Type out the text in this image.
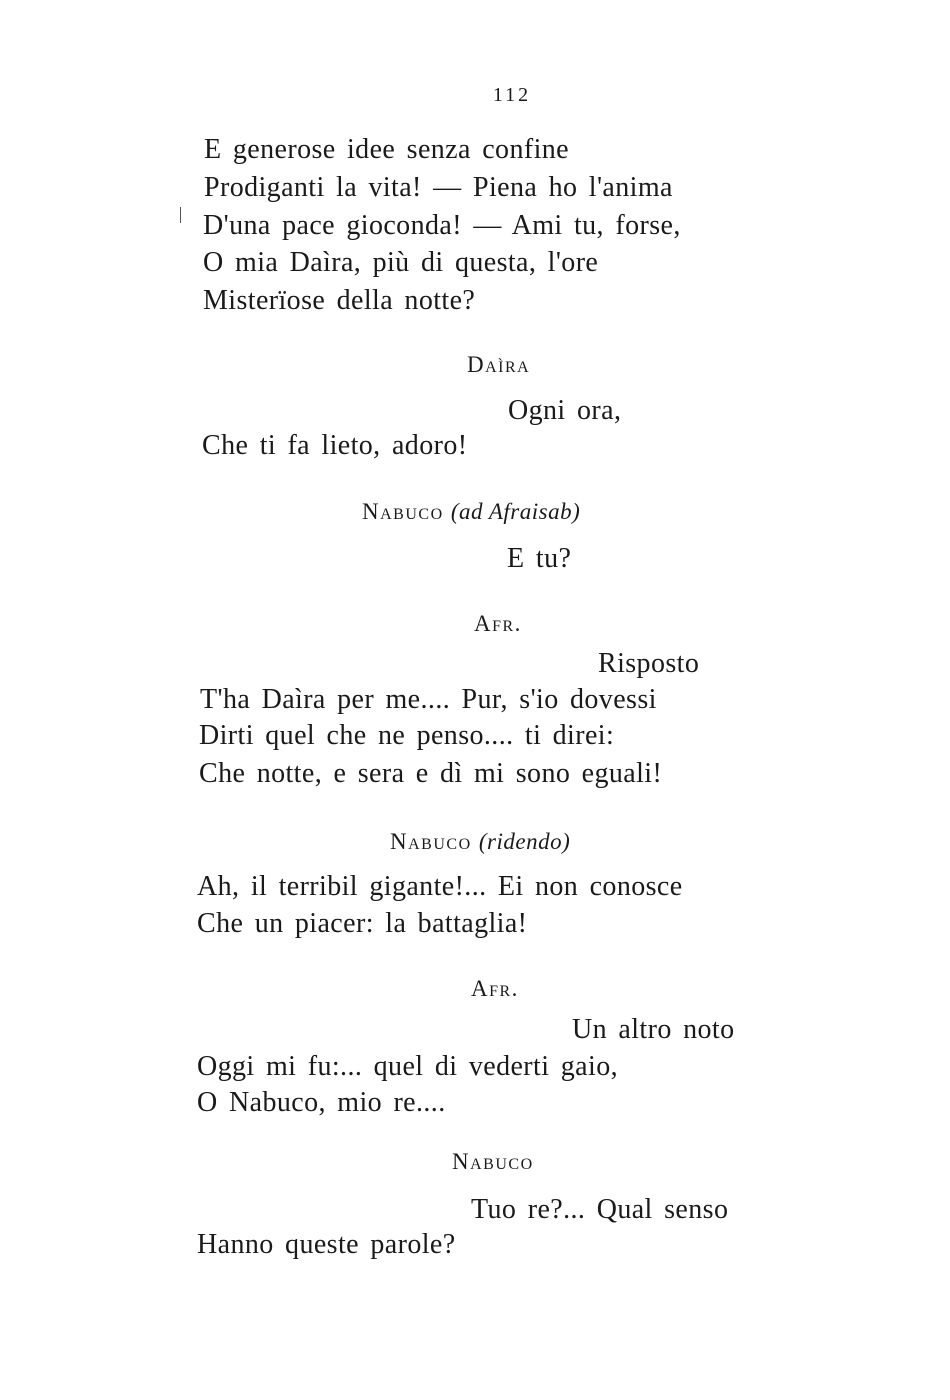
112
E generose idee senza confine
Prodiganti la vita! — Piena ho l'anima
D'una pace gioconda! — Ami tu, forse,
O mia Daìra, più di questa, l'ore
Misterïose della notte?
Daìra
Ogni ora,
Che ti fa lieto, adoro!
Nabuco (ad Afraisab)
E tu?
Afr.
Risposto
T'ha Daìra per me.... Pur, s'io dovessi
Dirti quel che ne penso.... ti direi:
Che notte, e sera e dì mi sono eguali!
Nabuco (ridendo)
Ah, il terribil gigante!... Ei non conosce
Che un piacer: la battaglia!
Afr.
Un altro noto
Oggi mi fu:... quel di vederti gaio,
O Nabuco, mio re....
Nabuco
Tuo re?... Qual senso
Hanno queste parole?
